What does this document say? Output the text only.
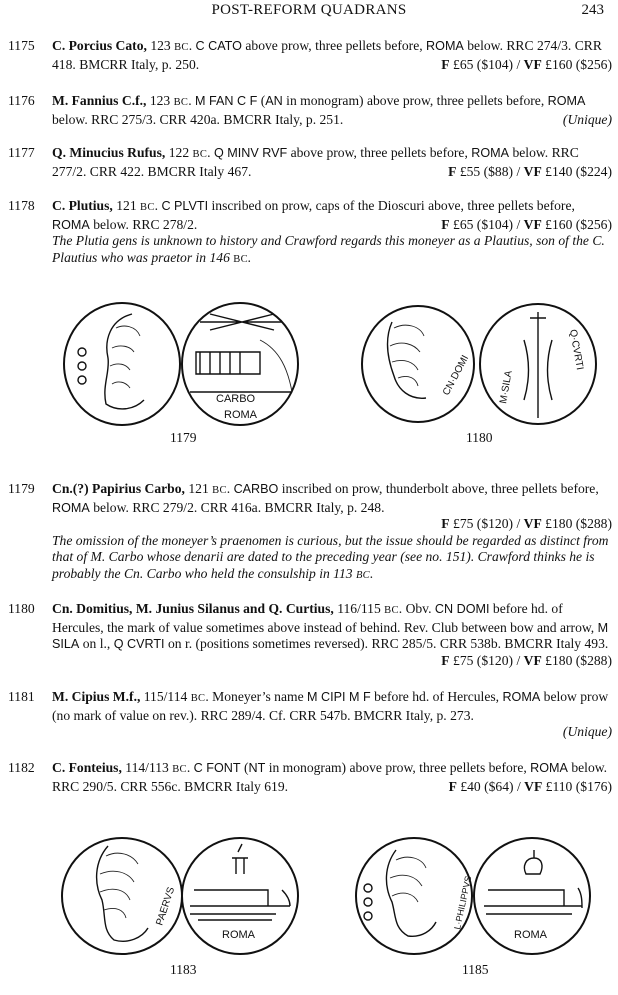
POST-REFORM QUADRANS	243
1175	C. Porcius Cato, 123 BC. C CATO above prow, three pellets before, ROMA below. RRC 274/3. CRR 418. BMCRR Italy, p. 250.	F £65 ($104) / VF £160 ($256)
1176	M. Fannius C.f., 123 BC. M FAN C F (AN in monogram) above prow, three pellets before, ROMA below. RRC 275/3. CRR 420a. BMCRR Italy, p. 251.	(Unique)
1177	Q. Minucius Rufus, 122 BC. Q MINV RVF above prow, three pellets before, ROMA below. RRC 277/2. CRR 422. BMCRR Italy 467.	F £55 ($88) / VF £140 ($224)
1178	C. Plutius, 121 BC. C PLVTI inscribed on prow, caps of the Dioscuri above, three pellets before, ROMA below. RRC 278/2.	F £65 ($104) / VF £160 ($256)
The Plutia gens is unknown to history and Crawford regards this moneyer as a Plautius, son of the C. Plautius who was praetor in 146 BC.
CARBO
ROMA
1179
CN·DOMI	M·SILA
Q·CVRTI
1180
1179	Cn.(?) Papirius Carbo, 121 BC. CARBO inscribed on prow, thunderbolt above, three pellets before, ROMA below. RRC 279/2. CRR 416a. BMCRR Italy, p. 248.
F £75 ($120) / VF £180 ($288)
The omission of the moneyer’s praenomen is curious, but the issue should be regarded as distinct from that of M. Carbo whose denarii are dated to the preceding year (see no. 151). Crawford thinks he is probably the Cn. Carbo who held the consulship in 113 BC.
1180	Cn. Domitius, M. Junius Silanus and Q. Curtius, 116/115 BC. Obv. CN DOMI before hd. of Hercules, the mark of value sometimes above instead of behind. Rev. Club between bow and arrow, M SILA on l., Q CVRTI on r. (positions sometimes reversed). RRC 285/5. CRR 538b. BMCRR Italy 493.
F £75 ($120) / VF £180 ($288)
1181	M. Cipius M.f., 115/114 BC. Moneyer’s name M CIPI M F before hd. of Hercules, ROMA below prow (no mark of value on rev.). RRC 289/4. Cf. CRR 547b. BMCRR Italy, p. 273.
(Unique)
1182	C. Fonteius, 114/113 BC. C FONT (NT in monogram) above prow, three pellets before, ROMA below. RRC 290/5. CRR 556c. BMCRR Italy 619.	F £40 ($64) / VF £110 ($176)
PAERVS
ROMA
1183
L·PHILIPPVS
ROMA
1185
